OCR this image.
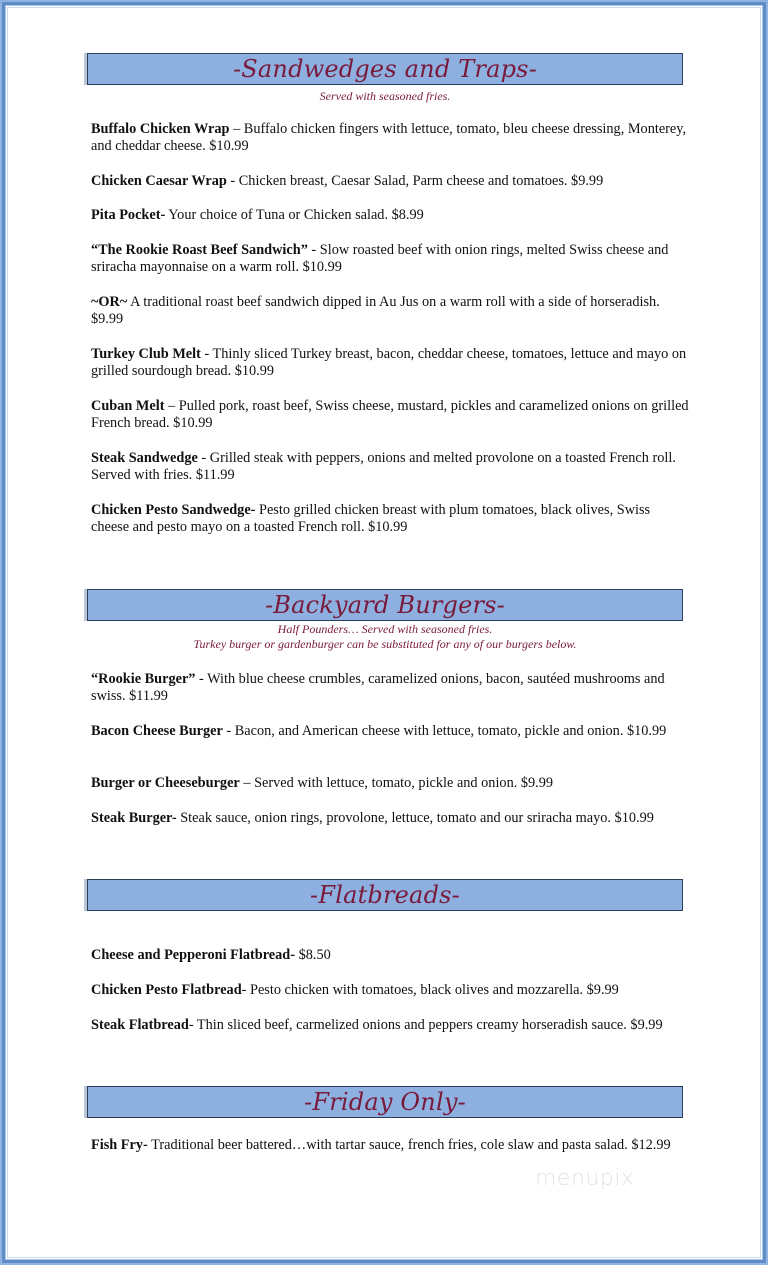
-Sandwedges and Traps-
Served with seasoned fries.
Buffalo Chicken Wrap – Buffalo chicken fingers with lettuce, tomato, bleu cheese dressing, Monterey, and cheddar cheese. $10.99
Chicken Caesar Wrap - Chicken breast, Caesar Salad, Parm cheese and tomatoes. $9.99
Pita Pocket- Your choice of Tuna or Chicken salad. $8.99
“The Rookie Roast Beef Sandwich” - Slow roasted beef with onion rings, melted Swiss cheese and sriracha mayonnaise on a warm roll. $10.99
~OR~ A traditional roast beef sandwich dipped in Au Jus on a warm roll with a side of horseradish. $9.99
Turkey Club Melt - Thinly sliced Turkey breast, bacon, cheddar cheese, tomatoes, lettuce and mayo on grilled sourdough bread. $10.99
Cuban Melt – Pulled pork, roast beef, Swiss cheese, mustard, pickles and caramelized onions on grilled French bread. $10.99
Steak Sandwedge - Grilled steak with peppers, onions and melted provolone on a toasted French roll. Served with fries. $11.99
Chicken Pesto Sandwedge- Pesto grilled chicken breast with plum tomatoes, black olives, Swiss cheese and pesto mayo on a toasted French roll. $10.99
-Backyard Burgers-
Half Pounders… Served with seasoned fries.
Turkey burger or gardenburger can be substituted for any of our burgers below.
“Rookie Burger” - With blue cheese crumbles, caramelized onions, bacon, sautéed mushrooms and swiss. $11.99
Bacon Cheese Burger - Bacon, and American cheese with lettuce, tomato, pickle and onion. $10.99
Burger or Cheeseburger – Served with lettuce, tomato, pickle and onion. $9.99
Steak Burger- Steak sauce, onion rings, provolone, lettuce, tomato and our sriracha mayo. $10.99
-Flatbreads-
Cheese and Pepperoni Flatbread- $8.50
Chicken Pesto Flatbread- Pesto chicken with tomatoes, black olives and mozzarella. $9.99
Steak Flatbread- Thin sliced beef, carmelized onions and peppers creamy horseradish sauce. $9.99
-Friday Only-
Fish Fry- Traditional beer battered…with tartar sauce, french fries, cole slaw and pasta salad. $12.99
menupix
